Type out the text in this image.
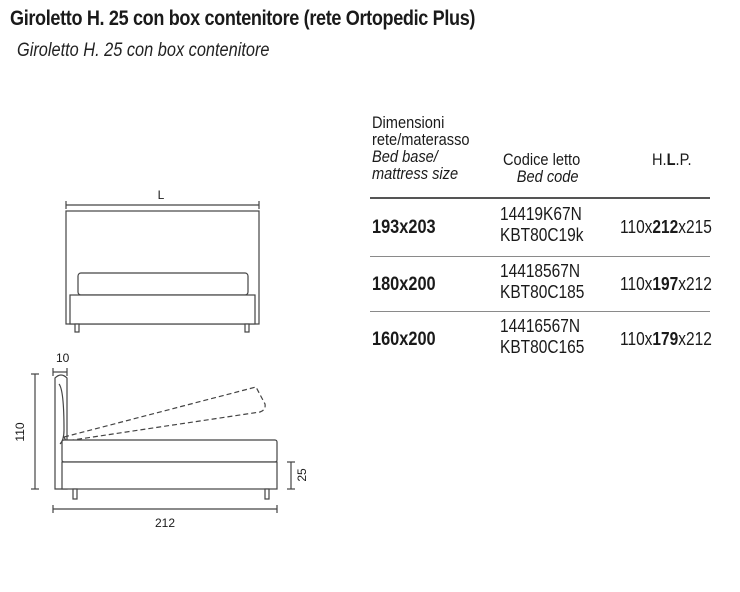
Giroletto H. 25 con box contenitore (rete Ortopedic Plus)
Giroletto H. 25 con box contenitore
Dimensioni
rete/materasso
Bed base/
mattress size
Codice letto
Bed code
H.L.P.
193x203
14419K67N
KBT80C19k 110x212x215
180x200
14418567N
KBT80C185 110x197x212
160x200
14416567N
KBT80C165 110x179x212
L
10
110
25
212
